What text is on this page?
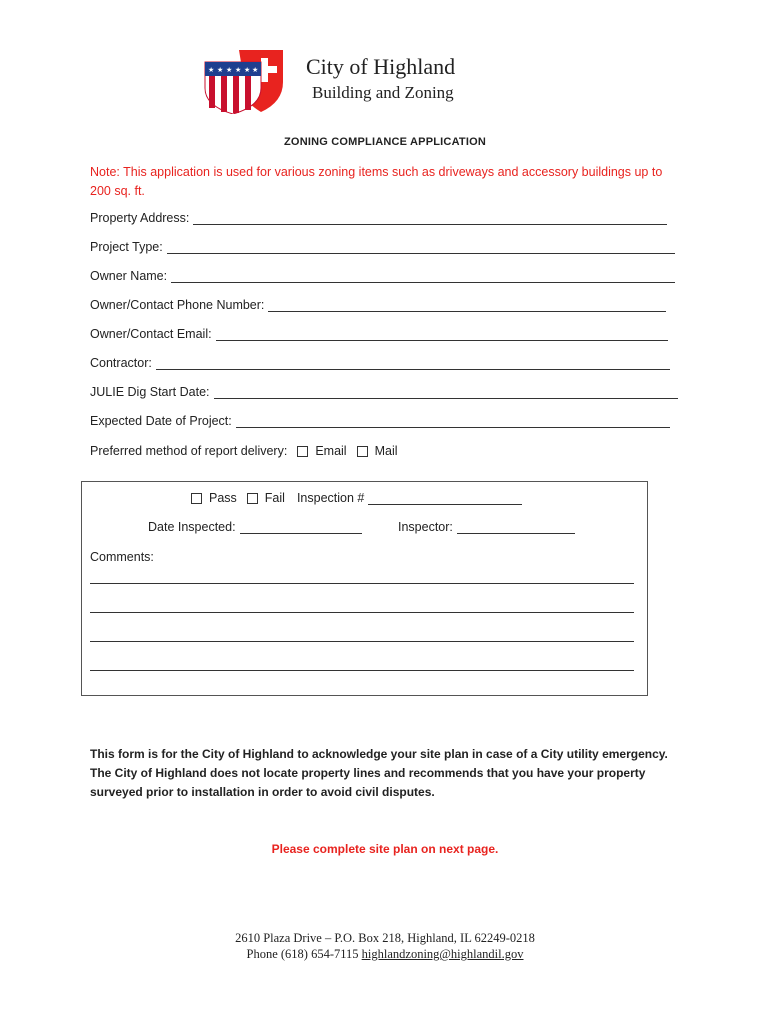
★ ★ ★ ★ ★ ★ City of Highland
Building and Zoning
ZONING COMPLIANCE APPLICATION
Note: This application is used for various zoning items such as driveways and accessory buildings up to 200 sq. ft.
Property Address:
Project Type:
Owner Name:
Owner/Contact Phone Number:
Owner/Contact Email:
Contractor:
JULIE Dig Start Date:
Expected Date of Project:
Preferred method of report delivery: Email Mail
Pass Fail Inspection #
Date Inspected:	Inspector:
Comments:
This form is for the City of Highland to acknowledge your site plan in case of a City utility emergency. The City of Highland does not locate property lines and recommends that you have your property surveyed prior to installation in order to avoid civil disputes.
Please complete site plan on next page.
2610 Plaza Drive – P.O. Box 218, Highland, IL 62249-0218
Phone (618) 654-7115 highlandzoning@highlandil.gov
